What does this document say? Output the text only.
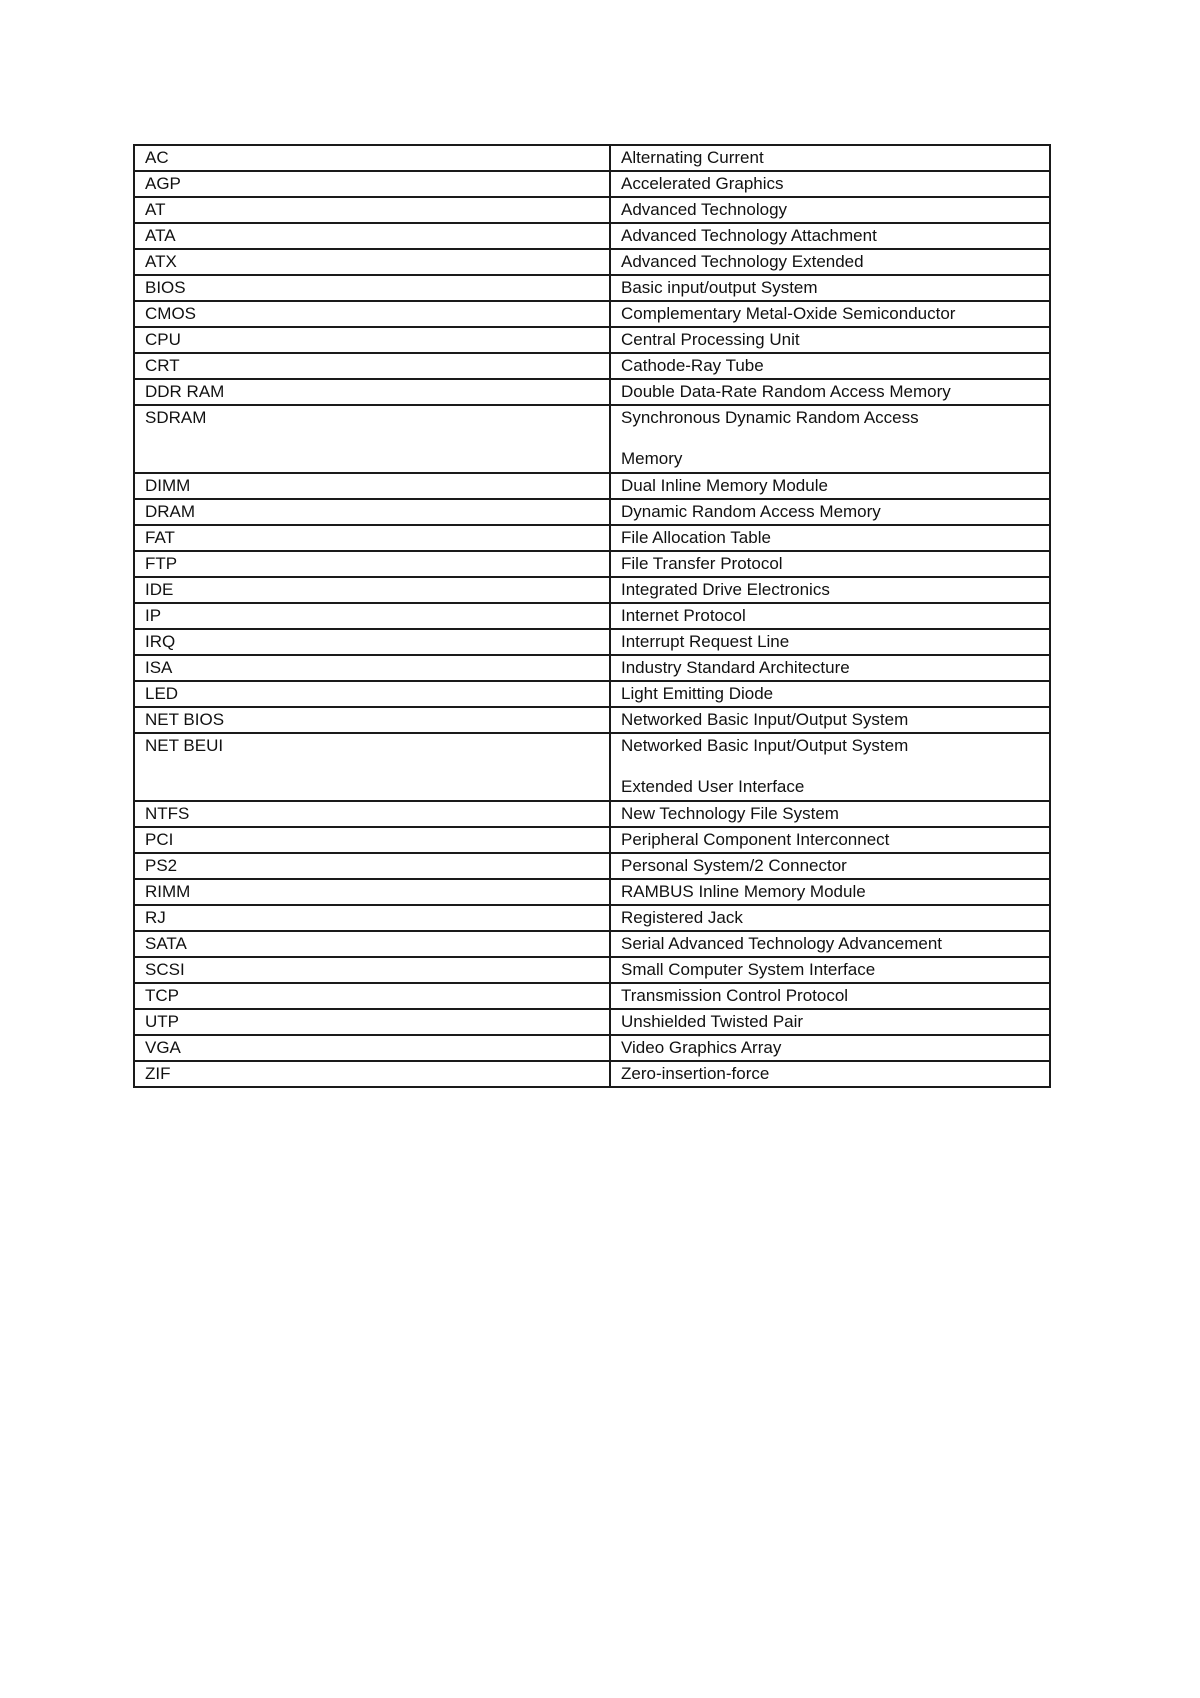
AC	Alternating Current
AGP	Accelerated Graphics
AT	Advanced Technology
ATA	Advanced Technology Attachment
ATX	Advanced Technology Extended
BIOS	Basic input/output System
CMOS	Complementary Metal-Oxide Semiconductor
CPU	Central Processing Unit
CRT	Cathode-Ray Tube
DDR RAM	Double Data-Rate Random Access Memory
SDRAM	Synchronous Dynamic Random Access
Memory

DIMM	Dual Inline Memory Module
DRAM	Dynamic Random Access Memory
FAT	File Allocation Table
FTP	File Transfer Protocol
IDE	Integrated Drive Electronics
IP	Internet Protocol
IRQ	Interrupt Request Line
ISA	Industry Standard Architecture
LED	Light Emitting Diode
NET BIOS	Networked Basic Input/Output System
NET BEUI	Networked Basic Input/Output System
Extended User Interface

NTFS	New Technology File System
PCI	Peripheral Component Interconnect
PS2	Personal System/2 Connector
RIMM	RAMBUS Inline Memory Module
RJ	Registered Jack
SATA	Serial Advanced Technology Advancement
SCSI	Small Computer System Interface
TCP	Transmission Control Protocol
UTP	Unshielded Twisted Pair
VGA	Video Graphics Array
ZIF	Zero-insertion-force
